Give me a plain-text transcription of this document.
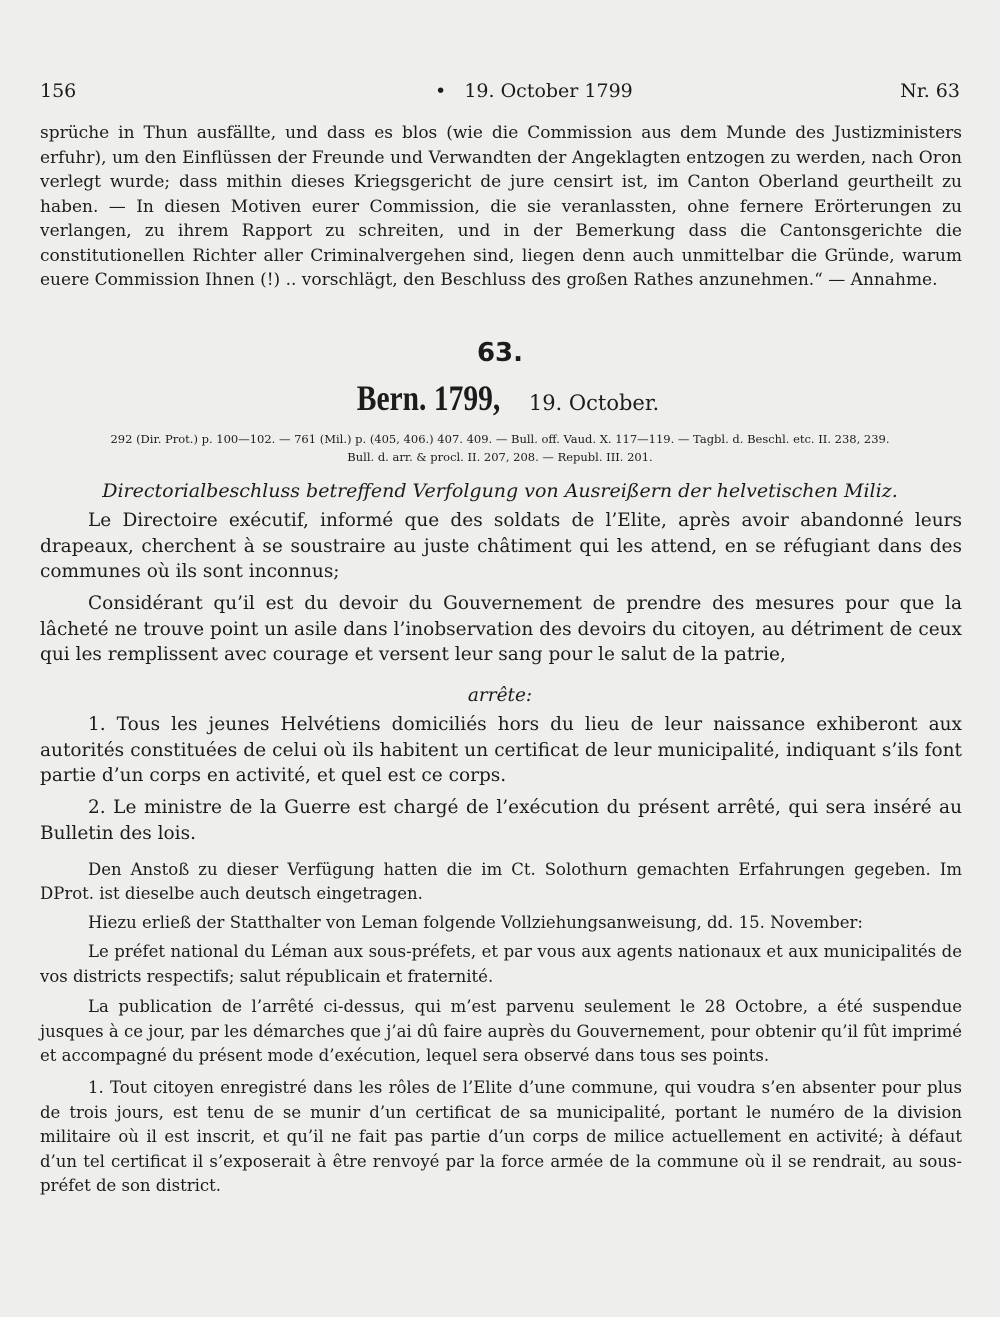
156	• 19. October 1799	Nr. 63

sprüche in Thun ausfällte, und dass es blos (wie die Commission aus dem Munde des Justizministers erfuhr), um den Einflüssen der Freunde und Verwandten der Angeklagten entzogen zu werden, nach Oron verlegt wurde; dass mithin dieses Kriegsgericht de jure censirt ist, im Canton Oberland geurtheilt zu haben. — In diesen Motiven eurer Commission, die sie veranlassten, ohne fernere Erörterungen zu verlangen, zu ihrem Rapport zu schreiten, und in der Bemerkung dass die Cantonsgerichte die constitutionellen Richter aller Criminalvergehen sind, liegen denn auch unmittelbar die Gründe, warum euere Commission Ihnen (!) .. vorschlägt, den Beschluss des großen Rathes anzunehmen.“ — Annahme.

63.
Bern. 1799, 19. October.
292 (Dir. Prot.) p. 100—102. — 761 (Mil.) p. (405, 406.) 407. 409. — Bull. off. Vaud. X. 117—119. — Tagbl. d. Beschl. etc. II. 238, 239.
Bull. d. arr. & procl. II. 207, 208. — Republ. III. 201.
Directorialbeschluss betreffend Verfolgung von Ausreißern der helvetischen Miliz.

Le Directoire exécutif, informé que des soldats de l’Elite, après avoir abandonné leurs drapeaux, cherchent à se soustraire au juste châtiment qui les attend, en se réfugiant dans des communes où ils sont inconnus;

Considérant qu’il est du devoir du Gouvernement de prendre des mesures pour que la lâcheté ne trouve point un asile dans l’inobservation des devoirs du citoyen, au détriment de ceux qui les remplissent avec courage et versent leur sang pour le salut de la patrie,

arrête:

1. Tous les jeunes Helvétiens domiciliés hors du lieu de leur naissance exhiberont aux autorités constituées de celui où ils habitent un certificat de leur municipalité, indiquant s’ils font partie d’un corps en activité, et quel est ce corps.

2. Le ministre de la Guerre est chargé de l’exécution du présent arrêté, qui sera inséré au Bulletin des lois.

Den Anstoß zu dieser Verfügung hatten die im Ct. Solothurn gemachten Erfahrungen gegeben. Im DProt. ist dieselbe auch deutsch eingetragen.

Hiezu erließ der Statthalter von Leman folgende Vollziehungsanweisung, dd. 15. November:

Le préfet national du Léman aux sous-préfets, et par vous aux agents nationaux et aux municipalités de vos districts respectifs; salut républicain et fraternité.

La publication de l’arrêté ci-dessus, qui m’est parvenu seulement le 28 Octobre, a été suspendue jusques à ce jour, par les démarches que j’ai dû faire auprès du Gouvernement, pour obtenir qu’il fût imprimé et accompagné du présent mode d’exécution, lequel sera observé dans tous ses points.

1. Tout citoyen enregistré dans les rôles de l’Elite d’une commune, qui voudra s’en absenter pour plus de trois jours, est tenu de se munir d’un certificat de sa municipalité, portant le numéro de la division militaire où il est inscrit, et qu’il ne fait pas partie d’un corps de milice actuellement en activité; à défaut d’un tel certificat il s’exposerait à être renvoyé par la force armée de la commune où il se rendrait, au sous-préfet de son district.
